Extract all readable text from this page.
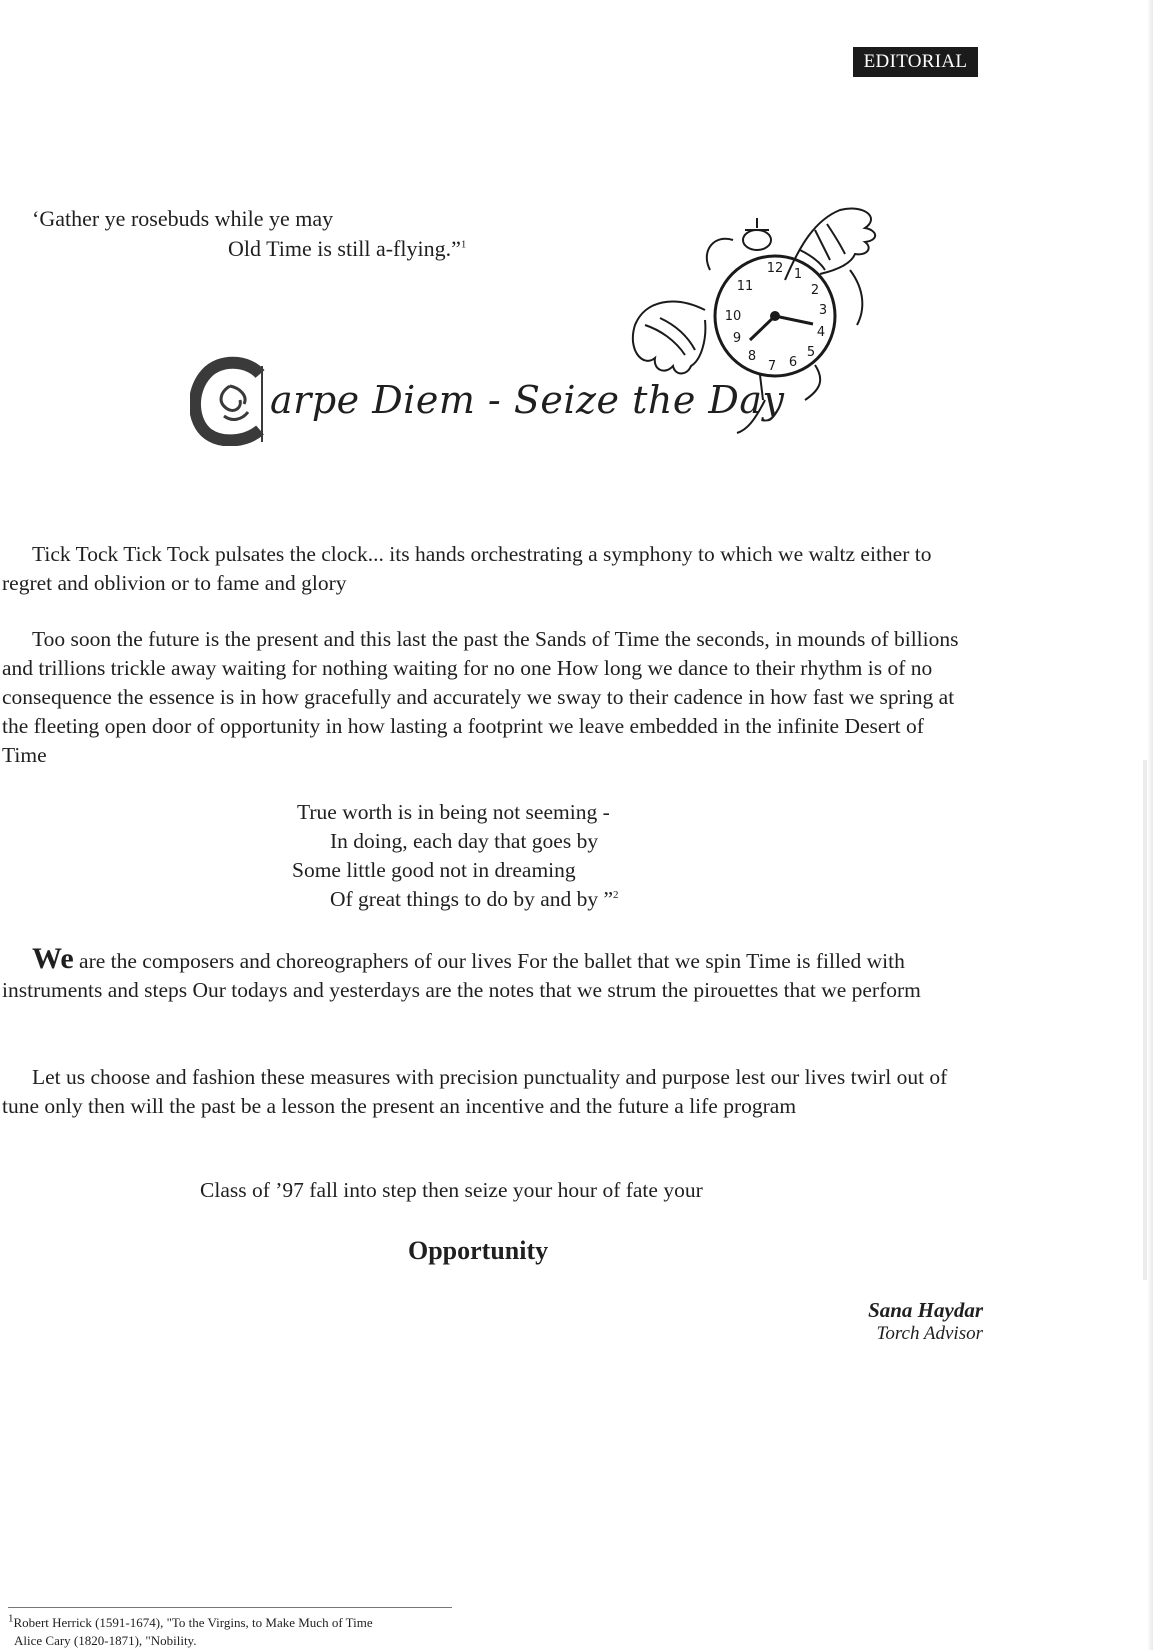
EDITORIAL
‘Gather ye rosebuds while ye may
Old Time is still a-flying.”$^1$
12 1
2
3
4
5
6
7
8
9
10
11
arpe Diem - Seize the Day
Tick Tock Tick Tock pulsates the clock... its hands orchestrating a symphony to which we waltz either to regret and oblivion or to fame and glory
Too soon the future is the present and this last the past the Sands of Time the seconds, in mounds of billions and trillions trickle away waiting for nothing waiting for no one How long we dance to their rhythm is of no consequence the essence is in how gracefully and accurately we sway to their cadence in how fast we spring at the fleeting open door of opportunity in how lasting a footprint we leave embedded in the infinite Desert of Time
True worth is in being not seeming -
In doing, each day that goes by
Some little good not in dreaming
Of great things to do by and by ”$^2$
We are the composers and choreographers of our lives For the ballet that we spin Time is filled with instruments and steps Our todays and yesterdays are the notes that we strum the pirouettes that we perform
Let us choose and fashion these measures with precision punctuality and purpose lest our lives twirl out of tune only then will the past be a lesson the present an incentive and the future a life program
Class of ’97 fall into step then seize your hour of fate your
Opportunity
Sana Haydar
Torch Advisor
$^1$Robert Herrick (1591-1674), "To the Virgins, to Make Much of Time
Alice Cary (1820-1871), "Nobility.
